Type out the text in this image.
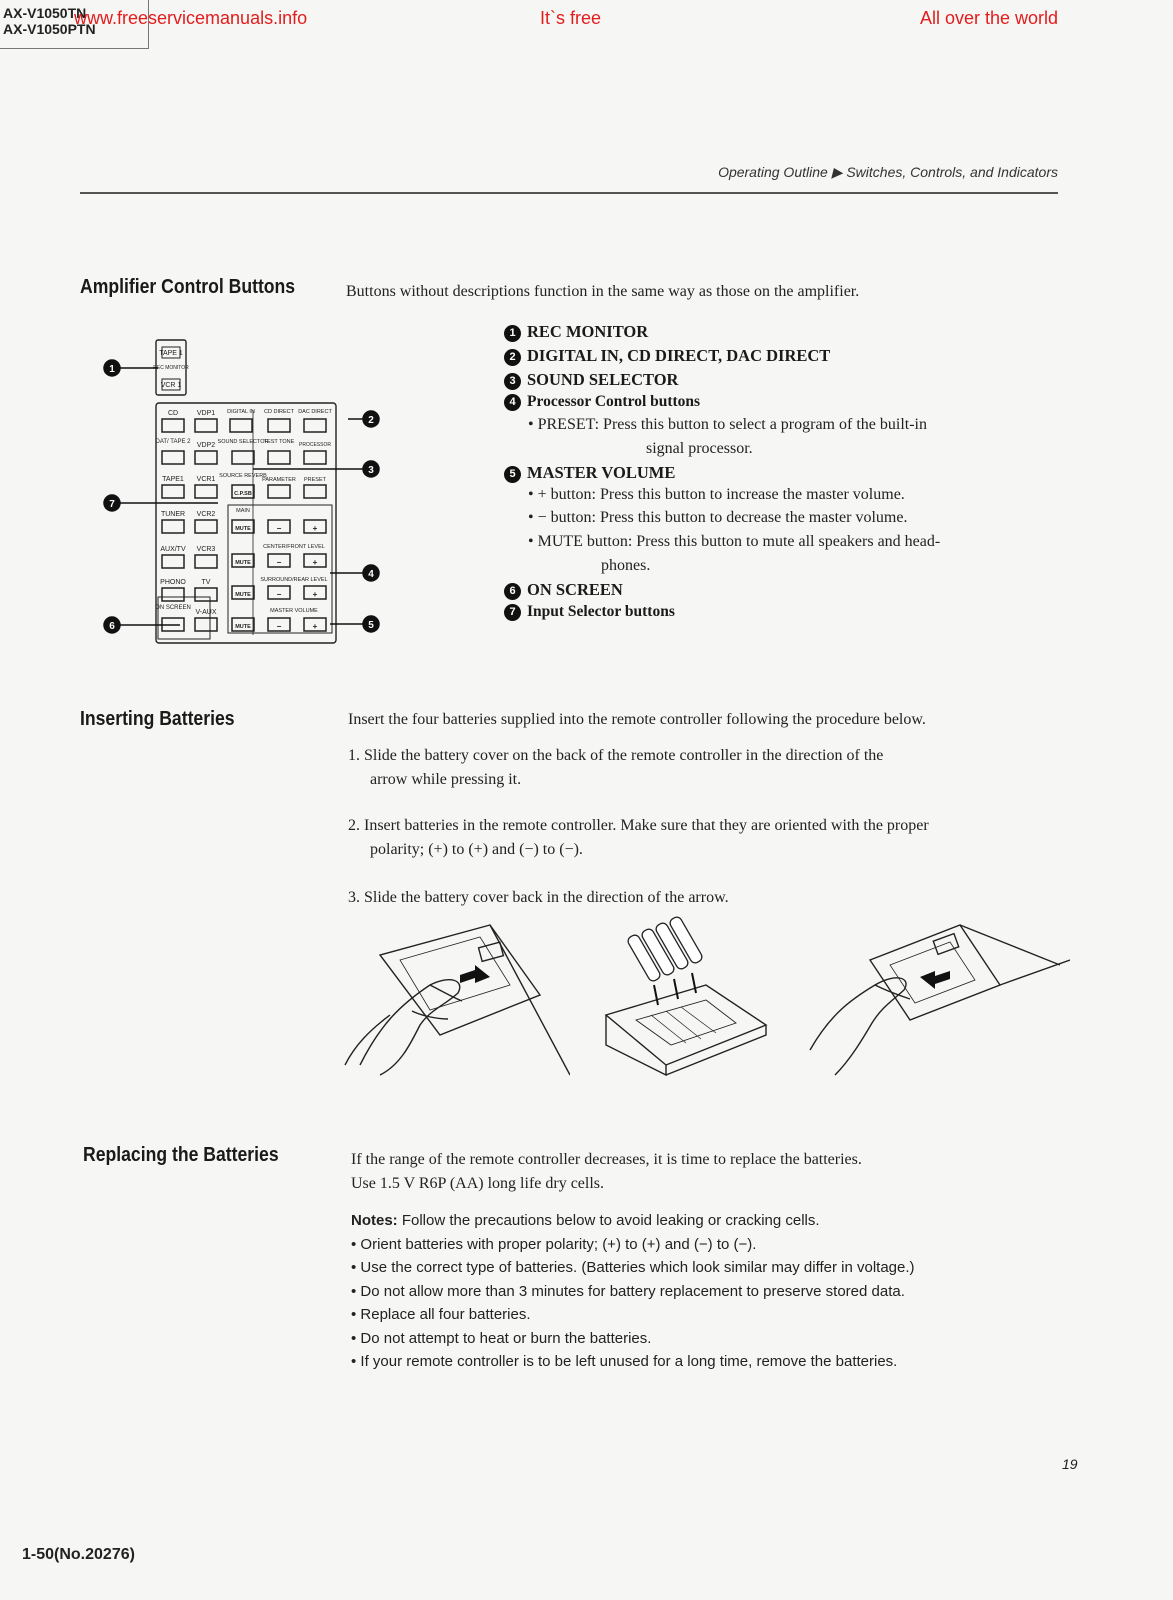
AX-V1050TN
AX-V1050PTN
www.freeservicemanuals.info	It`s free	All over the world
Operating Outline ▶ Switches, Controls, and Indicators
Amplifier Control Buttons	Buttons without descriptions function in the same way as those on the amplifier.
TAPE 1
REC MONITOR
VCR 1
CD	VDP1 DIGITAL IN CD DIRECT DAC DIRECT
DAT/ TAPE 2 VDP2 SOUND SELECTOR
TEST TONE PROCESSOR
TAPE1 VCR1 SOURCE REVERB
PARAMETER PRESET
TUNER VCR2	MAIN
CENTER/FRONT LEVEL
AUX/TV VCR3
SURROUND/REAR LEVEL
PHONO TV
ON SCREEN
V-AUX	MASTER VOLUME
C.P.SB
MUTE	−	+
MUTE	−	+
MUTE	−	+
MUTE	−	+
1
7
2
3
4
5
6
1 REC MONITOR
2 DIGITAL IN, CD DIRECT, DAC DIRECT
3 SOUND SELECTOR
4 Processor Control buttons
• PRESET: Press this button to select a program of the built-in
signal processor.
5 MASTER VOLUME
• + button: Press this button to increase the master volume.
• − button: Press this button to decrease the master volume.
• MUTE button: Press this button to mute all speakers and head-
phones.
6 ON SCREEN
7 Input Selector buttons
Inserting Batteries	Insert the four batteries supplied into the remote controller following the procedure below.
1. Slide the battery cover on the back of the remote controller in the direction of the
arrow while pressing it.
2. Insert batteries in the remote controller. Make sure that they are oriented with the proper
polarity; (+) to (+) and (−) to (−).
3. Slide the battery cover back in the direction of the arrow.
Replacing the Batteries	If the range of the remote controller decreases, it is time to replace the batteries.
Use 1.5 V R6P (AA) long life dry cells.
Notes: Follow the precautions below to avoid leaking or cracking cells.
• Orient batteries with proper polarity; (+) to (+) and (−) to (−).
• Use the correct type of batteries. (Batteries which look similar may differ in voltage.)
• Do not allow more than 3 minutes for battery replacement to preserve stored data.
• Replace all four batteries.
• Do not attempt to heat or burn the batteries.
• If your remote controller is to be left unused for a long time, remove the batteries.
19
1-50(No.20276)
